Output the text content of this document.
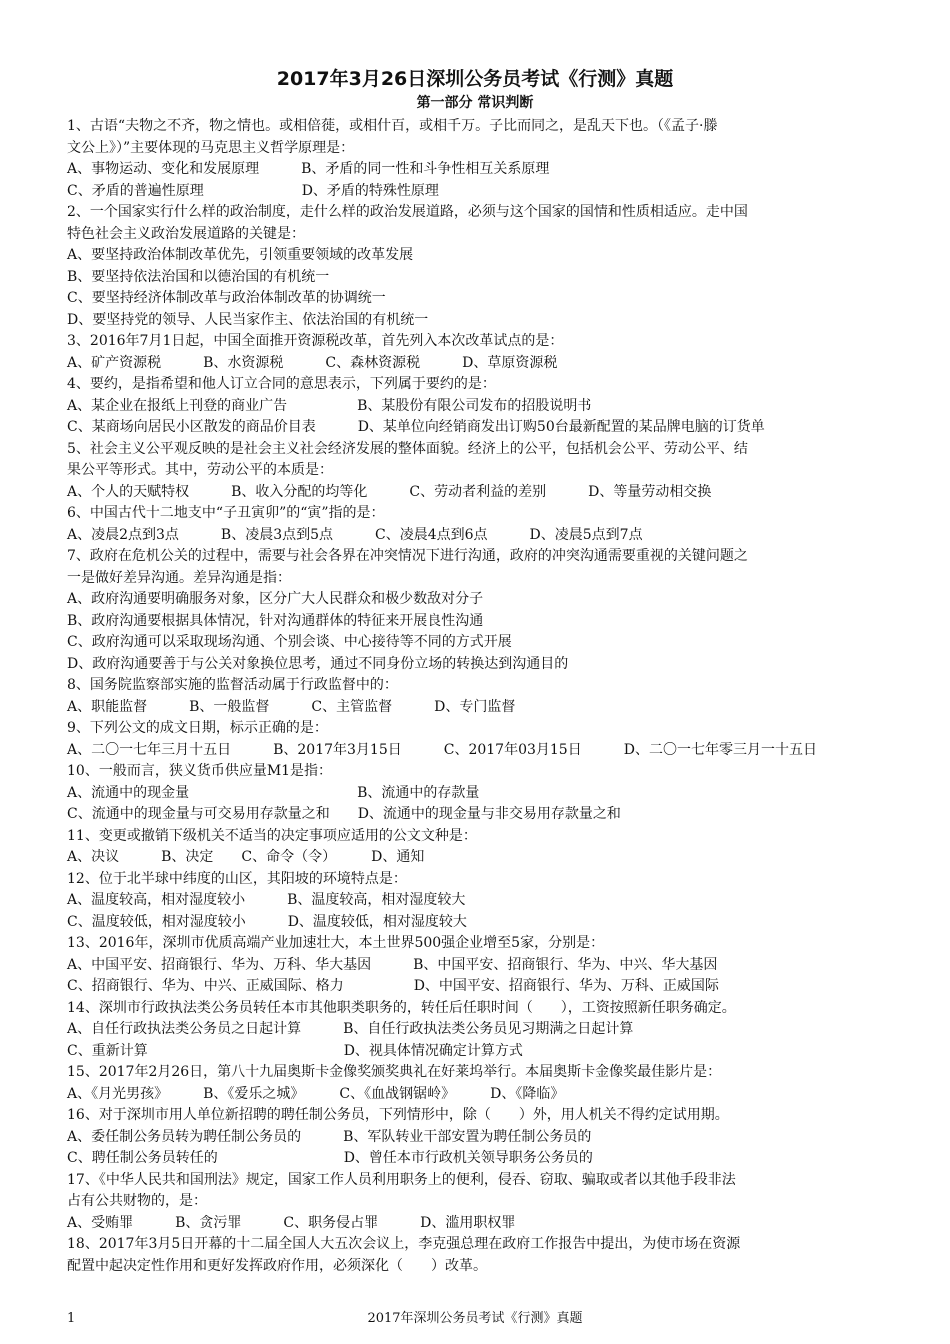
2017年3月26日深圳公务员考试《行测》真题
第一部分 常识判断
1、古语“夫物之不齐，物之情也。或相倍蓰，或相什百，或相千万。子比而同之，是乱天下也。（《孟子·滕
文公上》）”主要体现的马克思主义哲学原理是：
A、事物运动、变化和发展原理　　　B、矛盾的同一性和斗争性相互关系原理
C、矛盾的普遍性原理　　　　　　　D、矛盾的特殊性原理
2、一个国家实行什么样的政治制度，走什么样的政治发展道路，必须与这个国家的国情和性质相适应。走中国
特色社会主义政治发展道路的关键是：
A、要坚持政治体制改革优先，引领重要领域的改革发展
B、要坚持依法治国和以德治国的有机统一
C、要坚持经济体制改革与政治体制改革的协调统一
D、要坚持党的领导、人民当家作主、依法治国的有机统一
3、2016年7月1日起，中国全面推开资源税改革，首先列入本次改革试点的是：
A、矿产资源税　　　B、水资源税　　　C、森林资源税　　　D、草原资源税
4、要约，是指希望和他人订立合同的意思表示，下列属于要约的是：
A、某企业在报纸上刊登的商业广告　　　　　B、某股份有限公司发布的招股说明书
C、某商场向居民小区散发的商品价目表　　　D、某单位向经销商发出订购50台最新配置的某品牌电脑的订货单
5、社会主义公平观反映的是社会主义社会经济发展的整体面貌。经济上的公平，包括机会公平、劳动公平、结
果公平等形式。其中，劳动公平的本质是：
A、个人的天赋特权　　　B、收入分配的均等化　　　C、劳动者利益的差别　　　D、等量劳动相交换
6、中国古代十二地支中“子丑寅卯”的“寅”指的是：
A、凌晨2点到3点　　　B、凌晨3点到5点　　　C、凌晨4点到6点　　　D、凌晨5点到7点
7、政府在危机公关的过程中，需要与社会各界在冲突情况下进行沟通，政府的冲突沟通需要重视的关键问题之
一是做好差异沟通。差异沟通是指：
A、政府沟通要明确服务对象，区分广大人民群众和极少数敌对分子
B、政府沟通要根据具体情况，针对沟通群体的特征来开展良性沟通
C、政府沟通可以采取现场沟通、个别会谈、中心接待等不同的方式开展
D、政府沟通要善于与公关对象换位思考，通过不同身份立场的转换达到沟通目的
8、国务院监察部实施的监督活动属于行政监督中的：
A、职能监督　　　B、一般监督　　　C、主管监督　　　D、专门监督
9、下列公文的成文日期，标示正确的是：
A、二〇一七年三月十五日　　　B、2017年3月15日　　　C、2017年03月15日　　　D、二〇一七年零三月一十五日
10、一般而言，狭义货币供应量M1是指：
A、流通中的现金量　　　　　　　　　　　　B、流通中的存款量
C、流通中的现金量与可交易用存款量之和　　D、流通中的现金量与非交易用存款量之和
11、变更或撤销下级机关不适当的决定事项应适用的公文文种是：
A、决议　　　B、决定　　C、命令（令）　　　D、通知
12、位于北半球中纬度的山区，其阳坡的环境特点是：
A、温度较高，相对湿度较小　　　B、温度较高，相对湿度较大
C、温度较低，相对湿度较小　　　D、温度较低，相对湿度较大
13、2016年，深圳市优质高端产业加速壮大，本土世界500强企业增至5家，分别是：
A、中国平安、招商银行、华为、万科、华大基因　　　B、中国平安、招商银行、华为、中兴、华大基因
C、招商银行、华为、中兴、正威国际、格力　　　　　D、中国平安、招商银行、华为、万科、正威国际
14、深圳市行政执法类公务员转任本市其他职类职务的，转任后任职时间（　　），工资按照新任职务确定。
A、自任行政执法类公务员之日起计算　　　B、自任行政执法类公务员见习期满之日起计算
C、重新计算　　　　　　　　　　　　　　D、视具体情况确定计算方式
15、2017年2月26日，第八十九届奥斯卡金像奖颁奖典礼在好莱坞举行。本届奥斯卡金像奖最佳影片是：
A、《月光男孩》　　　B、《爱乐之城》　　　C、《血战钢锯岭》　　　D、《降临》
16、对于深圳市用人单位新招聘的聘任制公务员，下列情形中，除（　　）外，用人机关不得约定试用期。
A、委任制公务员转为聘任制公务员的　　　B、军队转业干部安置为聘任制公务员的
C、聘任制公务员转任的　　　　　　　　　D、曾任本市行政机关领导职务公务员的
17、《中华人民共和国刑法》规定，国家工作人员利用职务上的便利，侵吞、窃取、骗取或者以其他手段非法
占有公共财物的，是：
A、受贿罪　　　B、贪污罪　　　C、职务侵占罪　　　D、滥用职权罪
18、2017年3月5日开幕的十二届全国人大五次会议上，李克强总理在政府工作报告中提出，为使市场在资源
配置中起决定性作用和更好发挥政府作用，必须深化（　　）改革。
1	2017年深圳公务员考试《行测》真题
